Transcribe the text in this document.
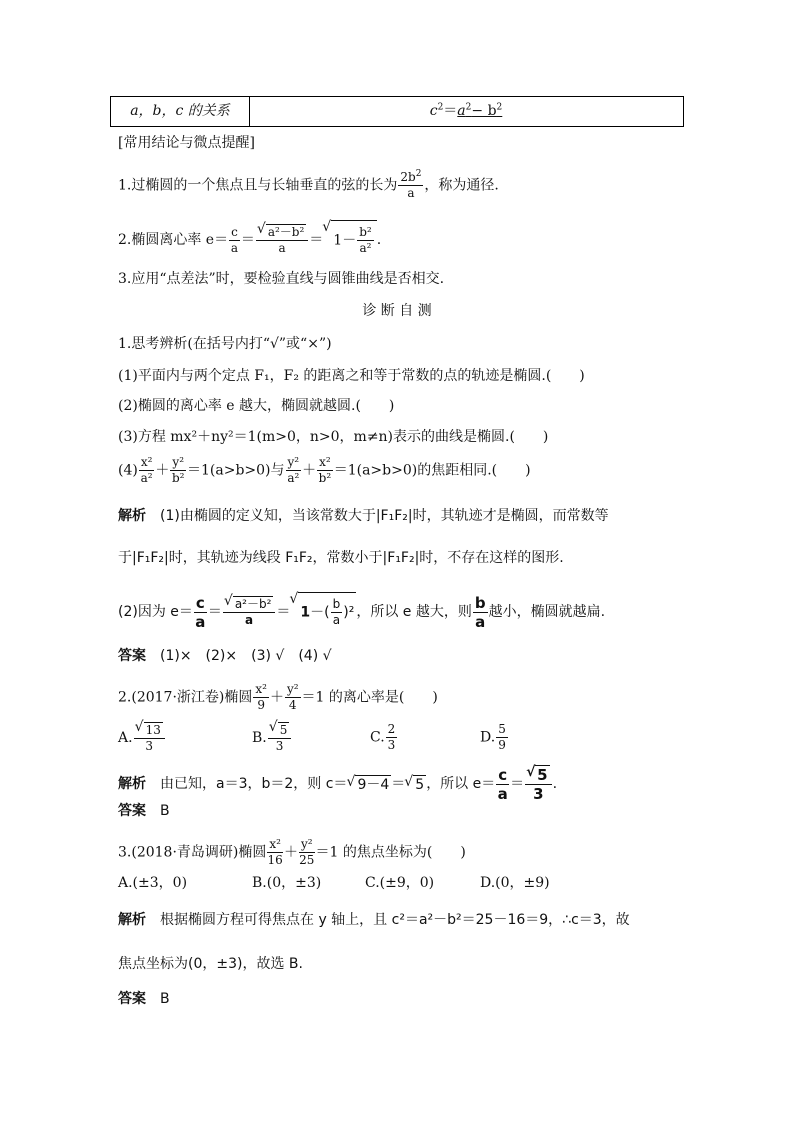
a，b，c 的关系	$c^2=a^2- b^2$
[常用结论与微点提醒]
1.过椭圆的一个焦点且与长轴垂直的弦的长为 $\frac{2b^2}{a}$ ，称为通径.
2.椭圆离心率 $e= \frac{c}{a}$ ＝ √ $\frac{\text{a²－b²}}{a}$ ＝ √ $1- \frac{\text{b²}}{\text{a²}}$ .
3.应用“点差法”时，要检验直线与圆锥曲线是否相交.
诊 断 自 测
1.思考辨析(在括号内打“√”或“×”)
(1)平面内与两个定点 F₁，F₂ 的距离之和等于常数的点的轨迹是椭圆.(　　)
(2)椭圆的离心率 e 越大，椭圆就越圆.(　　)
(3)方程 mx²＋ny²＝1(m>0，n>0，m≠n)表示的曲线是椭圆.(　　)
$(4) \frac{\text{x²}}{\text{a²}} + \frac{\text{y²}}{\text{b²}} =1(a>b>0)$与 $\frac{\text{y²}}{\text{a²}} + \frac{\text{x²}}{\text{b²}} =1(a>b>0)$的焦距相同.(　　)
解析　 (1)由椭圆的定义知，当该常数大于|F₁F₂|时，其轨迹才是椭圆，而常数等
于|F₁F₂|时，其轨迹为线段 F₁F₂，常数小于|F₁F₂|时，不存在这样的图形.
(2)因为 $e= \frac{c}{a}$ ＝ √ $\frac{\text{a²－b²}}{a}$ ＝ √ $1-( \frac{b}{a} )^2$ ，所以 e 越大，则 $\frac{b}{a}$ 越小，椭圆就越扁.
答案　 (1)×　(2)×　(3) √　(4) √
2.(2017·浙江卷)椭圆 $\frac{\text{x²}}{9} + \frac{\text{y²}}{4} =1$ 的离心率是(　　)
A. √ $\frac{13}{3}$	B. √ $\frac{5}{3}$	C. $\frac{2}{3}$	D. $\frac{5}{9}$
解析　 由已知，a＝3，b＝2，则 c＝ √ 9－4 ＝ √ 5 ，所以 $e= \frac{c}{a}$ ＝ √ $\frac{5}{3}$ .
答案　 B
3.(2018·青岛调研)椭圆 $\frac{\text{x²}}{16} + \frac{\text{y²}}{25} =1$ 的焦点坐标为(　　)
A.(±3，0)	B.(0，±3)	C.(±9，0)	D.(0，±9)
解析　 根据椭圆方程可得焦点在 y 轴上，且 c²＝a²－b²＝25－16＝9，∴c＝3，故
焦点坐标为(0，±3)，故选 B.
答案　 B
